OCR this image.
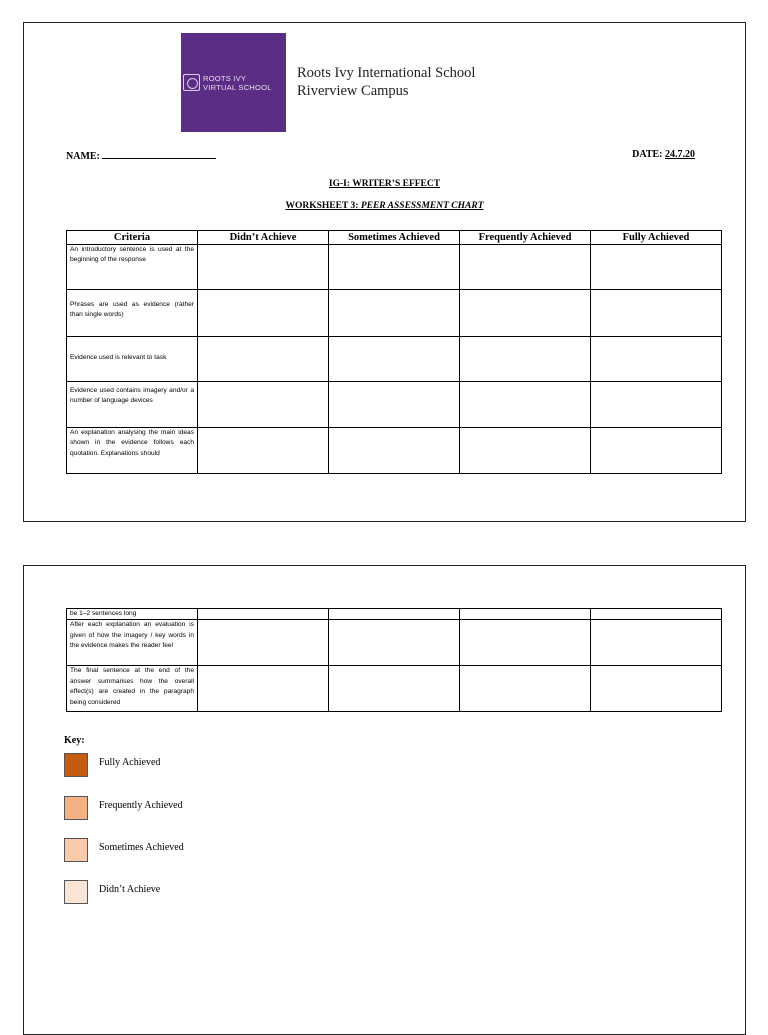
ROOTS IVY
VIRTUAL SCHOOL
Roots Ivy International School
Riverview Campus
NAME:	DATE: 24.7.20
IG-I: WRITER’S EFFECT
WORKSHEET 3: PEER ASSESSMENT CHART
Criteria	Didn’t Achieve	Sometimes Achieved	Frequently Achieved	Fully Achieved
An introductory sentence is used at the beginning of the response				
Phrases are used as evidence (rather than single words)				
Evidence used is relevant to task				
Evidence used contains imagery and/or a number of language devices				
An explanation analysing the main ideas shown in the evidence follows each quotation. Explanations should				
be 1–2 sentences long				
After each explanation an evaluation is given of how the imagery / key words in the evidence makes the reader feel				
The final sentence at the end of the answer summarises how the overall effect(s) are created in the paragraph being considered				
Key:
Fully Achieved
Frequently Achieved
Sometimes Achieved
Didn’t Achieve
